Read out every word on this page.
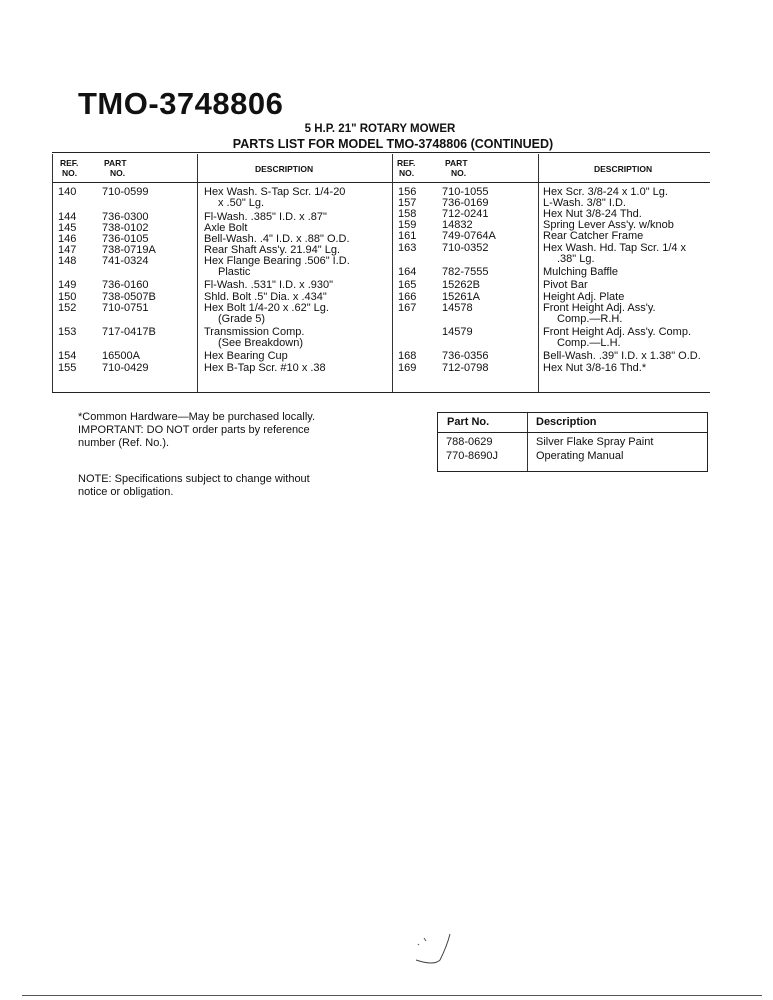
TMO-3748806
5 H.P. 21" ROTARY MOWER
PARTS LIST FOR MODEL TMO-3748806 (CONTINUED)
REF.
NO.
PART
NO.	DESCRIPTION
REF.
NO.
PART
NO.	DESCRIPTION
140 710-0599	Hex Wash. S-Tap Scr. 1/4-20
x .50" Lg.
144 736-0300	Fl-Wash. .385" I.D. x .87"
145 738-0102	Axle Bolt
146 736-0105	Bell-Wash. .4" I.D. x .88" O.D.
147 738-0719A	Rear Shaft Ass'y. 21.94" Lg.
148 741-0324	Hex Flange Bearing .506" I.D.
Plastic
149 736-0160	Fl-Wash. .531" I.D. x .930"
150 738-0507B	Shld. Bolt .5" Dia. x .434"
152 710-0751	Hex Bolt 1/4-20 x .62" Lg.
(Grade 5)
153 717-0417B	Transmission Comp.
(See Breakdown)
154 16500A	Hex Bearing Cup
155 710-0429	Hex B-Tap Scr. #10 x .38
156 710-1055	Hex Scr. 3/8-24 x 1.0" Lg.
157 736-0169	L-Wash. 3/8" I.D.
158 712-0241	Hex Nut 3/8-24 Thd.
159 14832	Spring Lever Ass'y. w/knob
161 749-0764A	Rear Catcher Frame
163 710-0352	Hex Wash. Hd. Tap Scr. 1/4 x
.38" Lg.
164 782-7555	Mulching Baffle
165 15262B	Pivot Bar
166 15261A	Height Adj. Plate
167 14578	Front Height Adj. Ass'y.
Comp.—R.H.
14579	Front Height Adj. Ass'y. Comp.
Comp.—L.H.
168 736-0356	Bell-Wash. .39" I.D. x 1.38" O.D.
169 712-0798	Hex Nut 3/8-16 Thd.*
*Common Hardware—May be purchased locally.
IMPORTANT: DO NOT order parts by reference
number (Ref. No.).
NOTE: Specifications subject to change without
notice or obligation.
Part No.	Description
788-0629	Silver Flake Spray Paint
770-8690J	Operating Manual
